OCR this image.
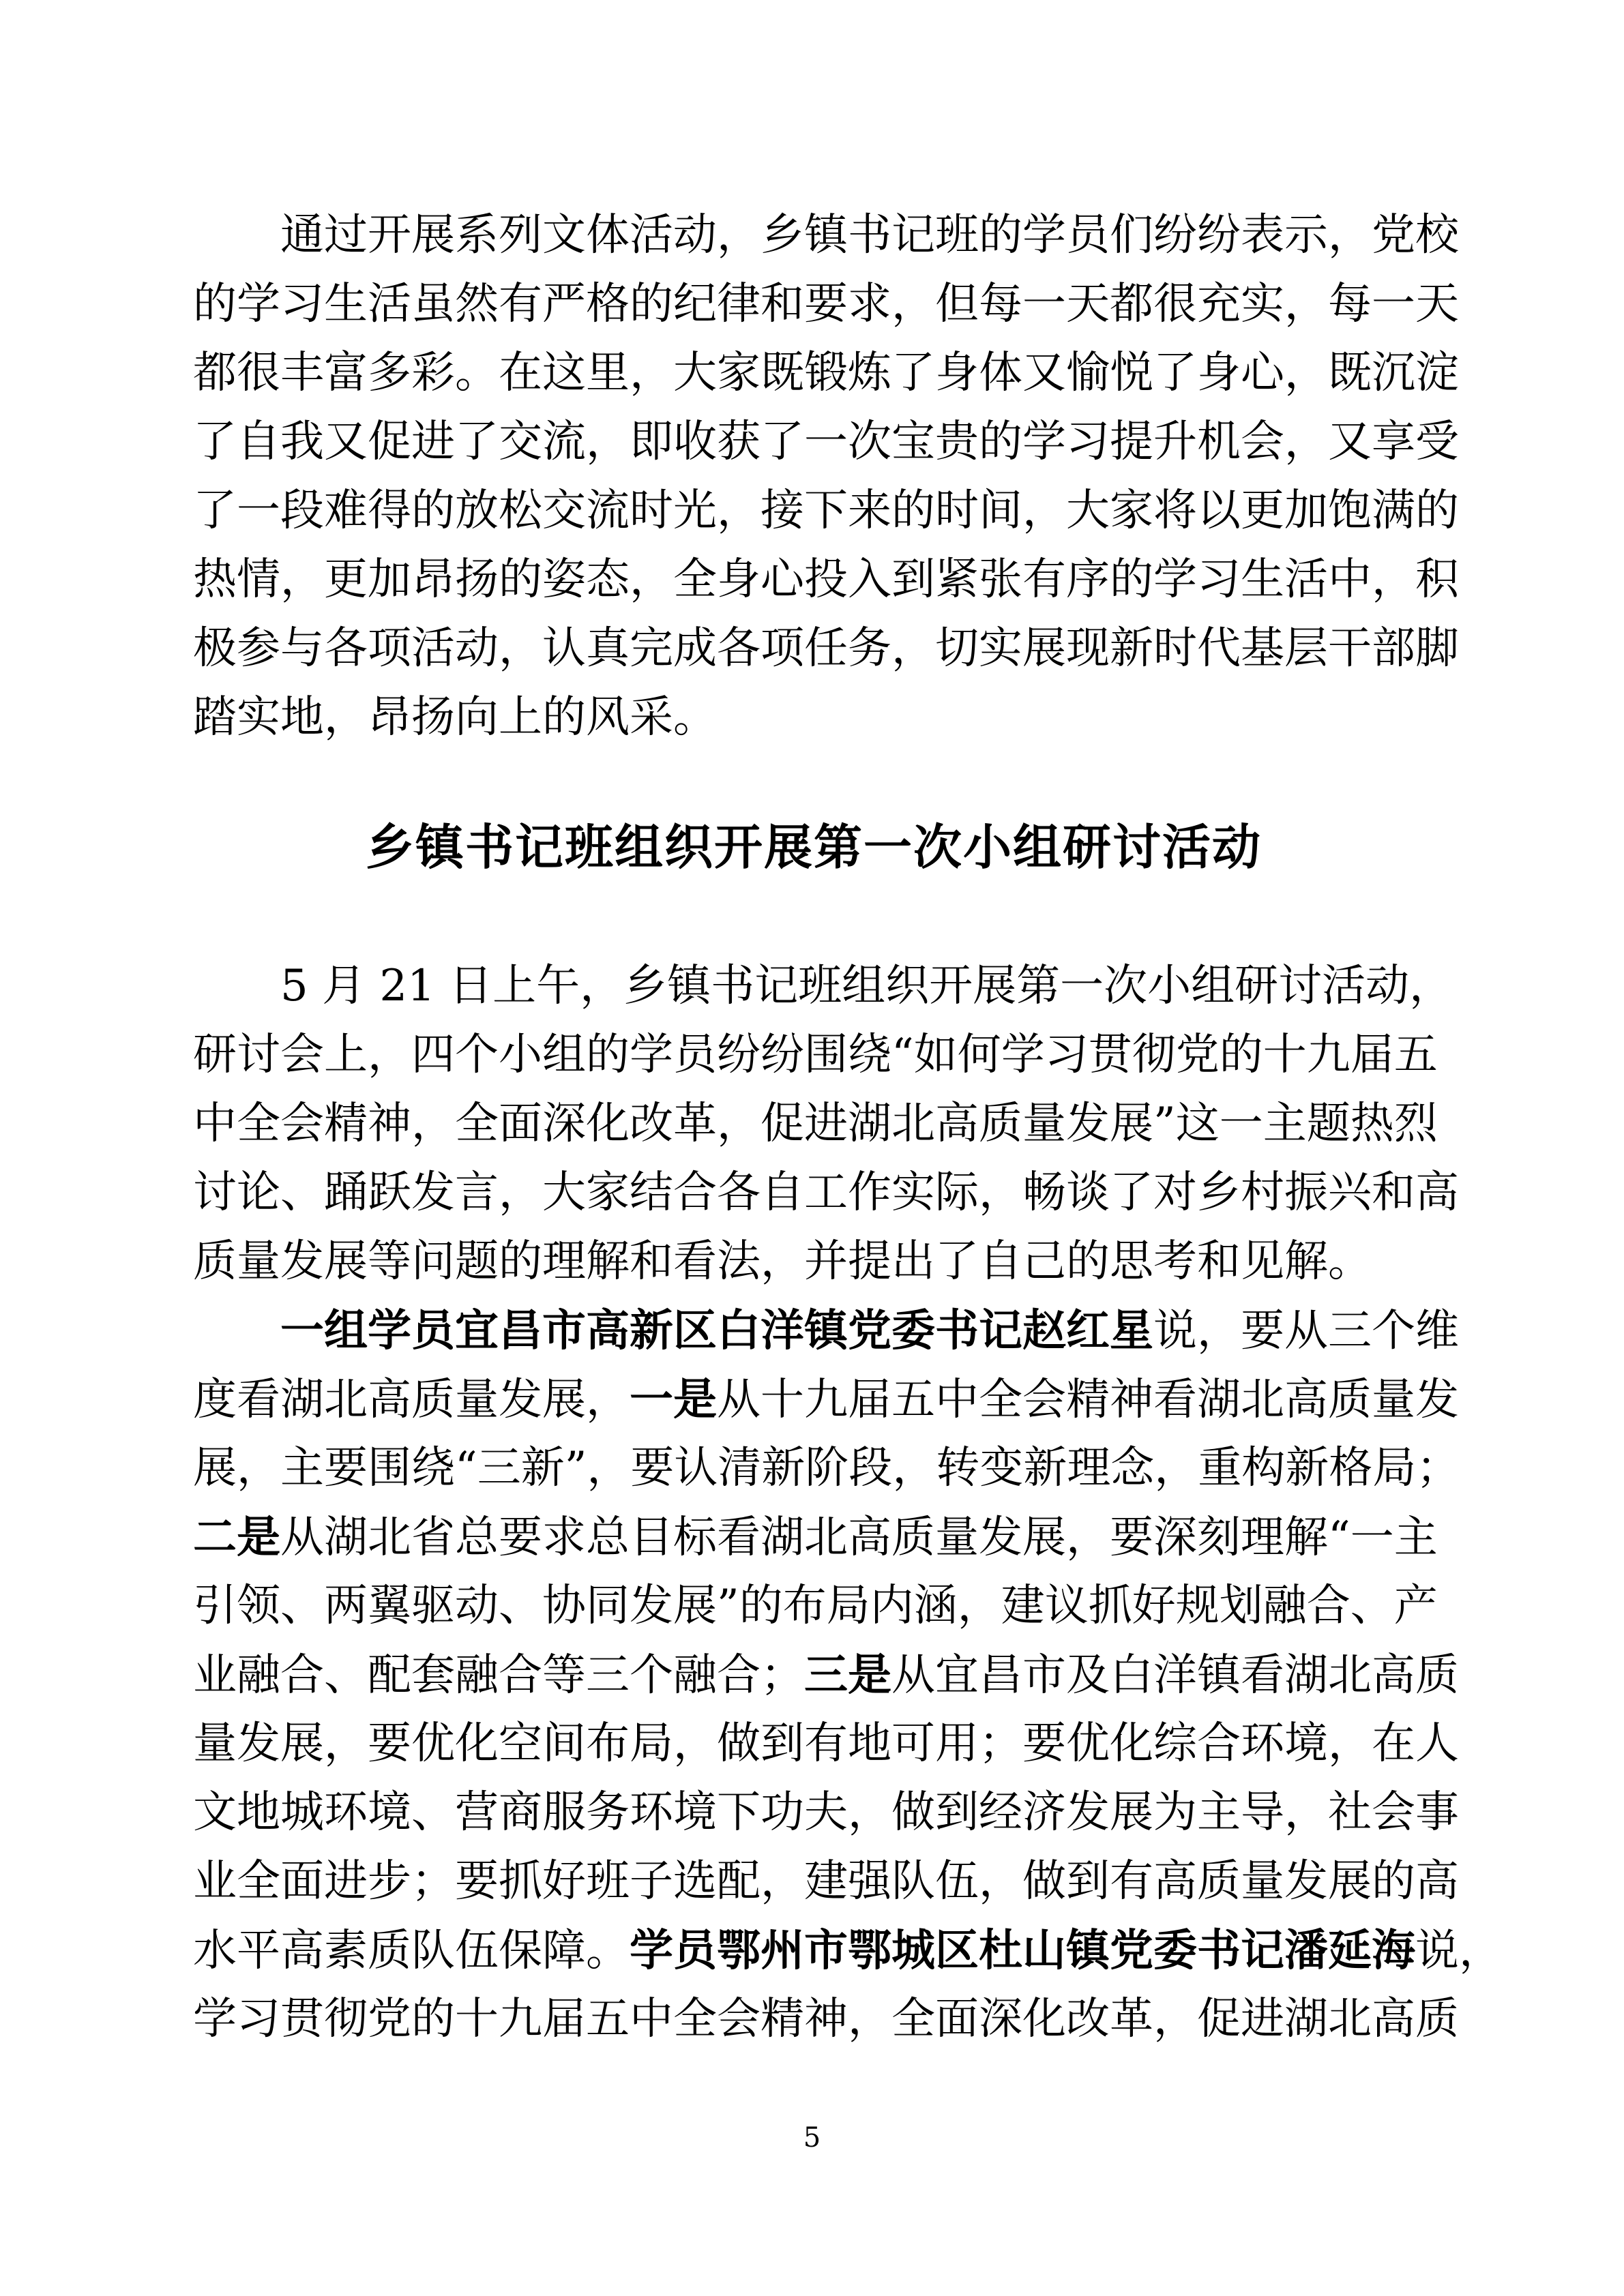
通过开展系列文体活动，乡镇书记班的学员们纷纷表示，党校
的学习生活虽然有严格的纪律和要求，但每一天都很充实，每一天
都很丰富多彩。在这里，大家既锻炼了身体又愉悦了身心，既沉淀
了自我又促进了交流，即收获了一次宝贵的学习提升机会，又享受
了一段难得的放松交流时光，接下来的时间，大家将以更加饱满的
热情，更加昂扬的姿态，全身心投入到紧张有序的学习生活中，积
极参与各项活动，认真完成各项任务，切实展现新时代基层干部脚
踏实地，昂扬向上的风采。
乡镇书记班组织开展第一次小组研讨活动
5 月 21 日上午，乡镇书记班组织开展第一次小组研讨活动，
研讨会上，四个小组的学员纷纷围绕“如何学习贯彻党的十九届五
中全会精神，全面深化改革，促进湖北高质量发展”这一主题热烈
讨论、踊跃发言，大家结合各自工作实际，畅谈了对乡村振兴和高
质量发展等问题的理解和看法，并提出了自己的思考和见解。
一组学员宜昌市高新区白洋镇党委书记赵红星说，要从三个维
度看湖北高质量发展，一是从十九届五中全会精神看湖北高质量发
展，主要围绕“三新”，要认清新阶段，转变新理念，重构新格局；
二是从湖北省总要求总目标看湖北高质量发展，要深刻理解“一主
引领、两翼驱动、协同发展”的布局内涵，建议抓好规划融合、产
业融合、配套融合等三个融合；三是从宜昌市及白洋镇看湖北高质
量发展，要优化空间布局，做到有地可用；要优化综合环境，在人
文地城环境、营商服务环境下功夫，做到经济发展为主导，社会事
业全面进步；要抓好班子选配，建强队伍，做到有高质量发展的高
水平高素质队伍保障。学员鄂州市鄂城区杜山镇党委书记潘延海说，
学习贯彻党的十九届五中全会精神，全面深化改革，促进湖北高质
5
